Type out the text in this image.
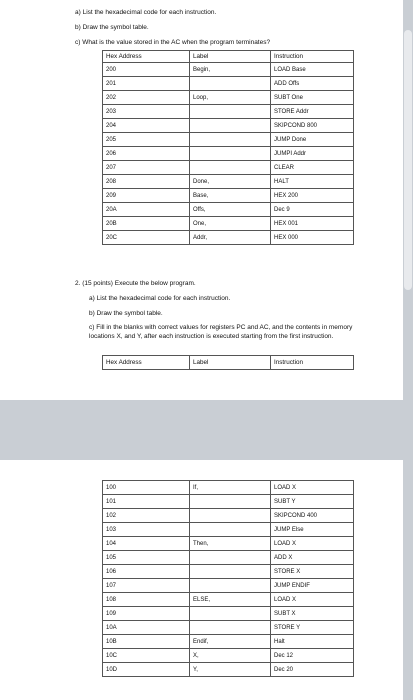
a) List the hexadecimal code for each instruction.
b) Draw the symbol table.
c) What is the value stored in the AC when the program terminates?
Hex Address	Label	Instruction
200	Begin,	LOAD Base
201		ADD Offs
202	Loop,	SUBT One
203		STORE Addr
204		SKIPCOND 800
205		JUMP Done
206		JUMPI Addr
207		CLEAR
208	Done,	HALT
209	Base,	HEX 200
20A	Offs,	Dec 9
20B	One,	HEX 001
20C	Addr,	HEX 000
2. (15 points) Execute the below program.
a) List the hexadecimal code for each instruction.
b) Draw the symbol table.
c) Fill in the blanks with correct values for registers PC and AC, and the contents in memory locations X, and Y, after each instruction is executed starting from the first instruction.
Hex Address	Label	Instruction
100	If,	LOAD X
101		SUBT Y
102		SKIPCOND 400
103		JUMP Else
104	Then,	LOAD X
105		ADD X
106		STORE X
107		JUMP ENDIF
108	ELSE,	LOAD X
109		SUBT X
10A		STORE Y
10B	Endif,	Halt
10C	X,	Dec 12
10D	Y,	Dec 20
